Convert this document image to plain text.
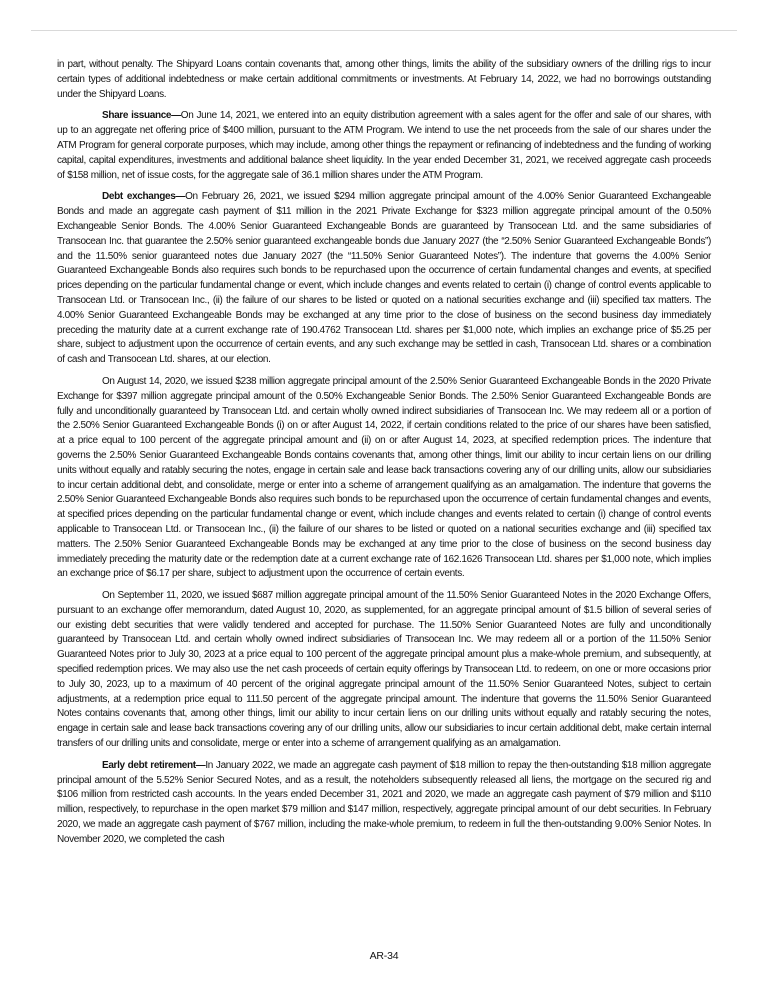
in part, without penalty. The Shipyard Loans contain covenants that, among other things, limits the ability of the subsidiary owners of the drilling rigs to incur certain types of additional indebtedness or make certain additional commitments or investments. At February 14, 2022, we had no borrowings outstanding under the Shipyard Loans.

Share issuance—On June 14, 2021, we entered into an equity distribution agreement with a sales agent for the offer and sale of our shares, with up to an aggregate net offering price of $400 million, pursuant to the ATM Program. We intend to use the net proceeds from the sale of our shares under the ATM Program for general corporate purposes, which may include, among other things the repayment or refinancing of indebtedness and the funding of working capital, capital expenditures, investments and additional balance sheet liquidity. In the year ended December 31, 2021, we received aggregate cash proceeds of $158 million, net of issue costs, for the aggregate sale of 36.1 million shares under the ATM Program.

Debt exchanges—On February 26, 2021, we issued $294 million aggregate principal amount of the 4.00% Senior Guaranteed Exchangeable Bonds and made an aggregate cash payment of $11 million in the 2021 Private Exchange for $323 million aggregate principal amount of the 0.50% Exchangeable Senior Bonds. The 4.00% Senior Guaranteed Exchangeable Bonds are guaranteed by Transocean Ltd. and the same subsidiaries of Transocean Inc. that guarantee the 2.50% senior guaranteed exchangeable bonds due January 2027 (the “2.50% Senior Guaranteed Exchangeable Bonds”) and the 11.50% senior guaranteed notes due January 2027 (the “11.50% Senior Guaranteed Notes”). The indenture that governs the 4.00% Senior Guaranteed Exchangeable Bonds also requires such bonds to be repurchased upon the occurrence of certain fundamental changes and events, at specified prices depending on the particular fundamental change or event, which include changes and events related to certain (i) change of control events applicable to Transocean Ltd. or Transocean Inc., (ii) the failure of our shares to be listed or quoted on a national securities exchange and (iii) specified tax matters. The 4.00% Senior Guaranteed Exchangeable Bonds may be exchanged at any time prior to the close of business on the second business day immediately preceding the maturity date at a current exchange rate of 190.4762 Transocean Ltd. shares per $1,000 note, which implies an exchange price of $5.25 per share, subject to adjustment upon the occurrence of certain events, and any such exchange may be settled in cash, Transocean Ltd. shares or a combination of cash and Transocean Ltd. shares, at our election.

On August 14, 2020, we issued $238 million aggregate principal amount of the 2.50% Senior Guaranteed Exchangeable Bonds in the 2020 Private Exchange for $397 million aggregate principal amount of the 0.50% Exchangeable Senior Bonds. The 2.50% Senior Guaranteed Exchangeable Bonds are fully and unconditionally guaranteed by Transocean Ltd. and certain wholly owned indirect subsidiaries of Transocean Inc. We may redeem all or a portion of the 2.50% Senior Guaranteed Exchangeable Bonds (i) on or after August 14, 2022, if certain conditions related to the price of our shares have been satisfied, at a price equal to 100 percent of the aggregate principal amount and (ii) on or after August 14, 2023, at specified redemption prices. The indenture that governs the 2.50% Senior Guaranteed Exchangeable Bonds contains covenants that, among other things, limit our ability to incur certain liens on our drilling units without equally and ratably securing the notes, engage in certain sale and lease back transactions covering any of our drilling units, allow our subsidiaries to incur certain additional debt, and consolidate, merge or enter into a scheme of arrangement qualifying as an amalgamation. The indenture that governs the 2.50% Senior Guaranteed Exchangeable Bonds also requires such bonds to be repurchased upon the occurrence of certain fundamental changes and events, at specified prices depending on the particular fundamental change or event, which include changes and events related to certain (i) change of control events applicable to Transocean Ltd. or Transocean Inc., (ii) the failure of our shares to be listed or quoted on a national securities exchange and (iii) specified tax matters. The 2.50% Senior Guaranteed Exchangeable Bonds may be exchanged at any time prior to the close of business on the second business day immediately preceding the maturity date or the redemption date at a current exchange rate of 162.1626 Transocean Ltd. shares per $1,000 note, which implies an exchange price of $6.17 per share, subject to adjustment upon the occurrence of certain events.

On September 11, 2020, we issued $687 million aggregate principal amount of the 11.50% Senior Guaranteed Notes in the 2020 Exchange Offers, pursuant to an exchange offer memorandum, dated August 10, 2020, as supplemented, for an aggregate principal amount of $1.5 billion of several series of our existing debt securities that were validly tendered and accepted for purchase. The 11.50% Senior Guaranteed Notes are fully and unconditionally guaranteed by Transocean Ltd. and certain wholly owned indirect subsidiaries of Transocean Inc. We may redeem all or a portion of the 11.50% Senior Guaranteed Notes prior to July 30, 2023 at a price equal to 100 percent of the aggregate principal amount plus a make-whole premium, and subsequently, at specified redemption prices. We may also use the net cash proceeds of certain equity offerings by Transocean Ltd. to redeem, on one or more occasions prior to July 30, 2023, up to a maximum of 40 percent of the original aggregate principal amount of the 11.50% Senior Guaranteed Notes, subject to certain adjustments, at a redemption price equal to 111.50 percent of the aggregate principal amount. The indenture that governs the 11.50% Senior Guaranteed Notes contains covenants that, among other things, limit our ability to incur certain liens on our drilling units without equally and ratably securing the notes, engage in certain sale and lease back transactions covering any of our drilling units, allow our subsidiaries to incur certain additional debt, make certain internal transfers of our drilling units and consolidate, merge or enter into a scheme of arrangement qualifying as an amalgamation.

Early debt retirement—In January 2022, we made an aggregate cash payment of $18 million to repay the then-outstanding $18 million aggregate principal amount of the 5.52% Senior Secured Notes, and as a result, the noteholders subsequently released all liens, the mortgage on the secured rig and $106 million from restricted cash accounts. In the years ended December 31, 2021 and 2020, we made an aggregate cash payment of $79 million and $110 million, respectively, to repurchase in the open market $79 million and $147 million, respectively, aggregate principal amount of our debt securities. In February 2020, we made an aggregate cash payment of $767 million, including the make-whole premium, to redeem in full the then-outstanding 9.00% Senior Notes. In November 2020, we completed the cash

AR-34
